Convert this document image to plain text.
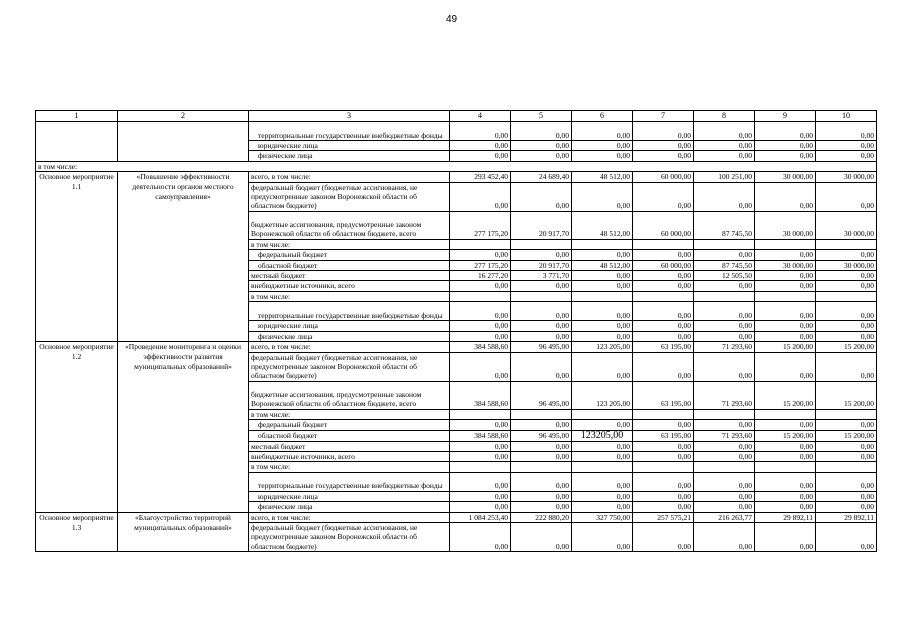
49
1	2	3	4	5	6	7	8	9	10
		территориальные государственные внебюджетные фонды	0,00	0,00	0,00	0,00	0,00	0,00	0,00
		юридические лица	0,00	0,00	0,00	0,00	0,00	0,00	0,00
		физические лица	0,00	0,00	0,00	0,00	0,00	0,00	0,00
в том числе:									
Основное мероприятие 1.1	«Повышение эффективности деятельности органов местного самоуправления»	всего, в том числе:	293 452,40	24 689,40	48 512,00	60 000,00	100 251,00	30 000,00	30 000,00
		федеральный бюджет (бюджетные ассигнования, не предусмотренные законом Воронежской области об областном бюджете)	0,00	0,00	0,00	0,00	0,00	0,00	0,00
		бюджетные ассигнования, предусмотренные законом Воронежской области об областном бюджете, всего	277 175,20	20 917,70	48 512,00	60 000,00	87 745,50	30 000,00	30 000,00
		в том числе:							
		федеральный бюджет	0,00	0,00	0,00	0,00	0,00	0,00	0,00
		областной бюджет	277 175,20	20 917,70	48 512,00	60 000,00	87 745,50	30 000,00	30 000,00
		местный бюджет	16 277,20	3 771,70	0,00	0,00	12 505,50	0,00	0,00
		внебюджетные источники, всего	0,00	0,00	0,00	0,00	0,00	0,00	0,00
		в том числе:							
		территориальные государственные внебюджетные фонды	0,00	0,00	0,00	0,00	0,00	0,00	0,00
		юридические лица	0,00	0,00	0,00	0,00	0,00	0,00	0,00
		физические лица	0,00	0,00	0,00	0,00	0,00	0,00	0,00
Основное мероприятие 1.2	«Проведение мониторинга и оценки эффективности развития муниципальных образований»	всего, в том числе:	384 588,60	96 495,00	123 205,00	63 195,00	71 293,60	15 200,00	15 200,00
		федеральный бюджет (бюджетные ассигнования, не предусмотренные законом Воронежской области об областном бюджете)	0,00	0,00	0,00	0,00	0,00	0,00	0,00
		бюджетные ассигнования, предусмотренные законом Воронежской области об областном бюджете, всего	384 588,60	96 495,00	123 205,00	63 195,00	71 293,60	15 200,00	15 200,00
		в том числе:							
		федеральный бюджет	0,00	0,00	0,00	0,00	0,00	0,00	0,00
		областной бюджет	384 588,60	96 495,00	123205,00	63 195,00	71 293,60	15 200,00	15 200,00
		местный бюджет	0,00	0,00	0,00	0,00	0,00	0,00	0,00
		внебюджетные источники, всего	0,00	0,00	0,00	0,00	0,00	0,00	0,00
		в том числе:							
		территориальные государственные внебюджетные фонды	0,00	0,00	0,00	0,00	0,00	0,00	0,00
		юридические лица	0,00	0,00	0,00	0,00	0,00	0,00	0,00
		физические лица	0,00	0,00	0,00	0,00	0,00	0,00	0,00
Основное мероприятие 1.3	«Благоустройство территорий муниципальных образований»	всего, в том числе:	1 084 253,40	222 880,20	327 750,00	257 575,21	216 263,77	29 892,11	29 892,11
		федеральный бюджет (бюджетные ассигнования, не предусмотренные законом Воронежской области об областном бюджете)	0,00	0,00	0,00	0,00	0,00	0,00	0,00
